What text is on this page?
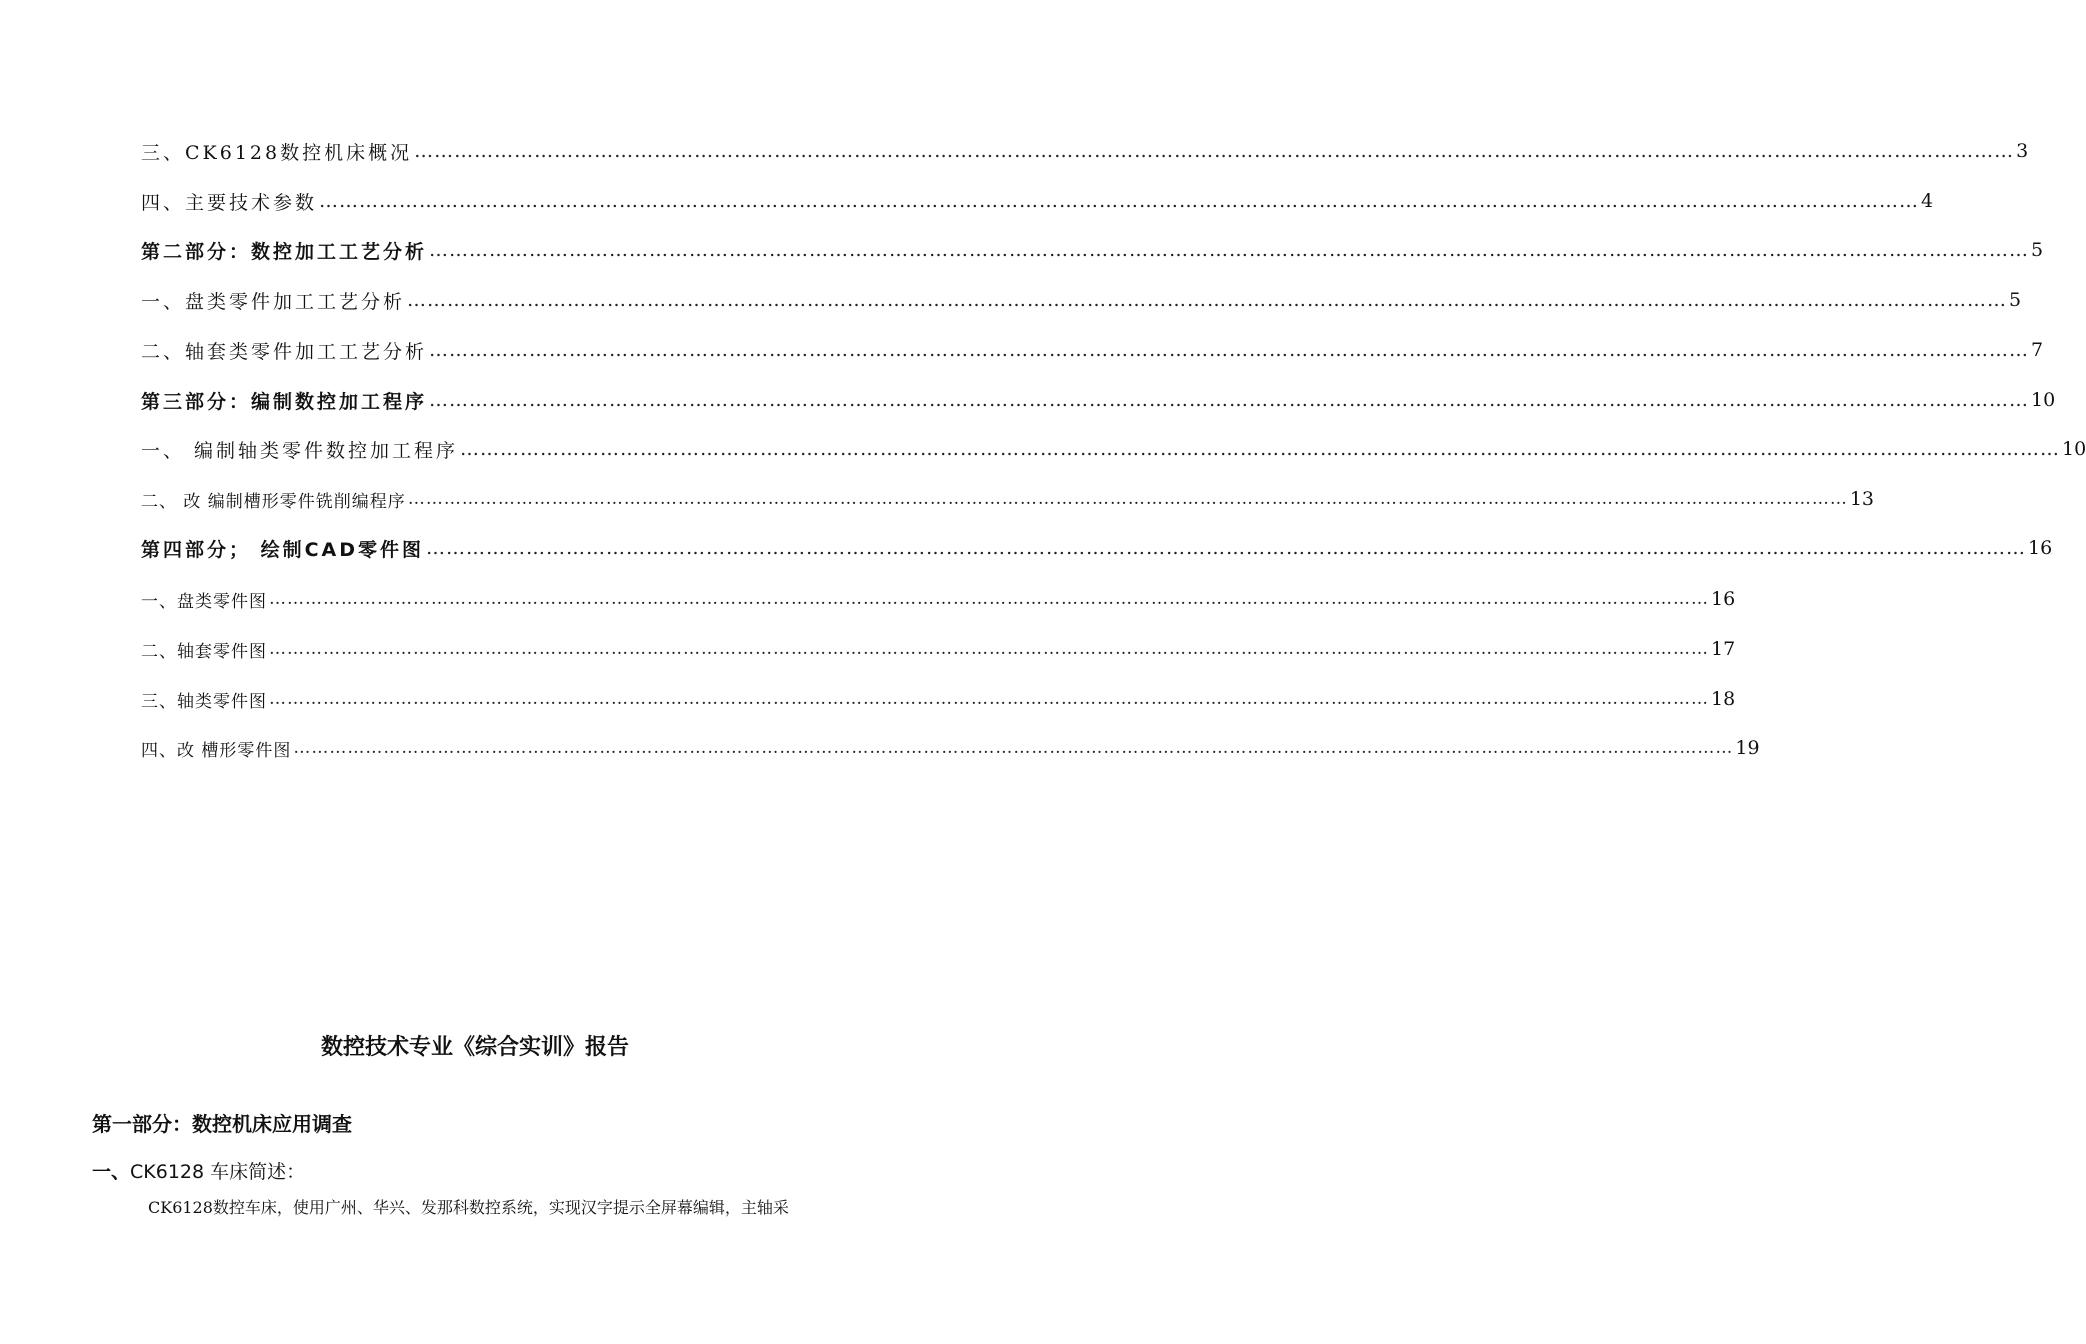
三、CK6128数控机床概况 …………………………………………………………………………………………………………………………………………………………………………………………………………………… 3
四、主要技术参数 …………………………………………………………………………………………………………………………………………………………………………………………………………………… 4
第二部分：数控加工工艺分析 …………………………………………………………………………………………………………………………………………………………………………………………………………………… 5
一、盘类零件加工工艺分析 …………………………………………………………………………………………………………………………………………………………………………………………………………………… 5
二、轴套类零件加工工艺分析 …………………………………………………………………………………………………………………………………………………………………………………………………………………… 7
第三部分：编制数控加工程序 …………………………………………………………………………………………………………………………………………………………………………………………………………………… 10
一、 编制轴类零件数控加工程序 …………………………………………………………………………………………………………………………………………………………………………………………………………………… 10
二、 改 编制槽形零件铣削编程序 …………………………………………………………………………………………………………………………………………………………………………………………………………………… 13
第四部分； 绘制CAD零件图 …………………………………………………………………………………………………………………………………………………………………………………………………………………… 16
一、盘类零件图 …………………………………………………………………………………………………………………………………………………………………………………………………………………… 16
二、轴套零件图 …………………………………………………………………………………………………………………………………………………………………………………………………………………… 17
三、轴类零件图 …………………………………………………………………………………………………………………………………………………………………………………………………………………… 18
四、改 槽形零件图 …………………………………………………………………………………………………………………………………………………………………………………………………………………… 19
数控技术专业《综合实训》报告
第一部分：数控机床应用调查
一、CK6128 车床简述：
CK6128数控车床，使用广州、华兴、发那科数控系统，实现汉字提示全屏幕编辑，主轴采
